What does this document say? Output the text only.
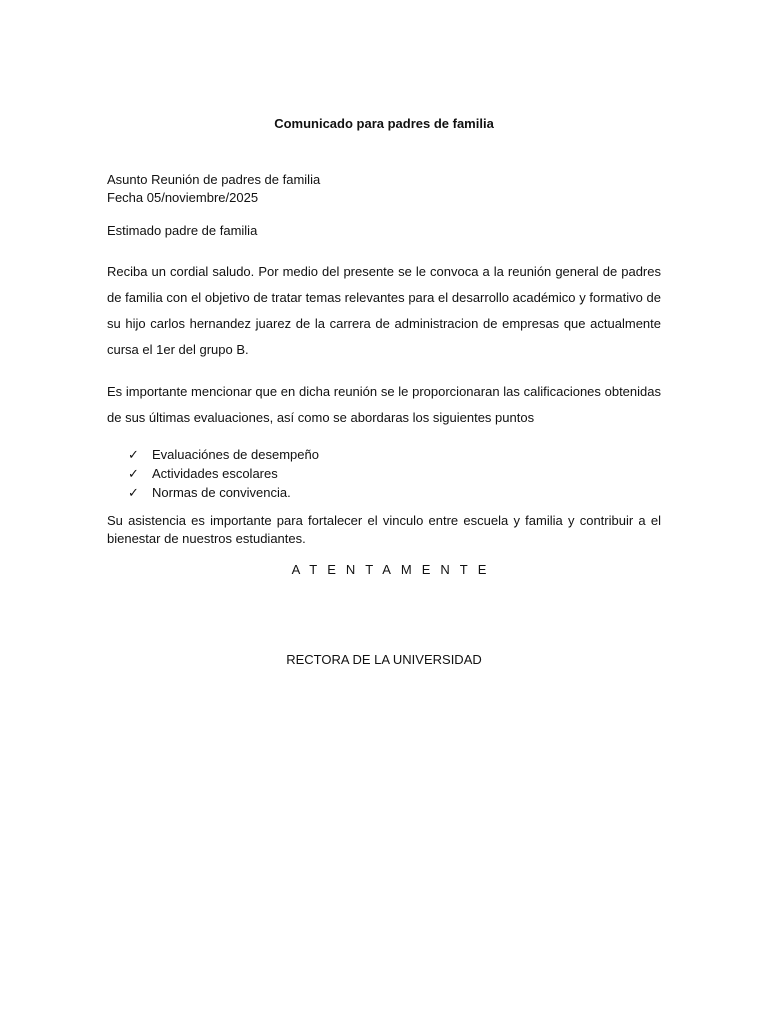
Comunicado para padres de familia
Asunto Reunión de padres de familia
Fecha 05/noviembre/2025
Estimado padre de familia
Reciba un cordial saludo. Por medio del presente se le convoca a la reunión general de padres de familia con el objetivo de tratar temas relevantes para el desarrollo académico y formativo de su hijo carlos hernandez juarez de la carrera de administracion de empresas que actualmente cursa el 1er del grupo B.
Es importante mencionar que en dicha reunión se le proporcionaran las calificaciones obtenidas de sus últimas evaluaciones, así como se abordaras los siguientes puntos
✓	Evaluaciónes de desempeño
✓	Actividades escolares
✓	Normas de convivencia.
Su asistencia es importante para fortalecer el vinculo entre escuela y familia y contribuir a el bienestar de nuestros estudiantes.
ATENTAMENTE
RECTORA DE LA UNIVERSIDAD
